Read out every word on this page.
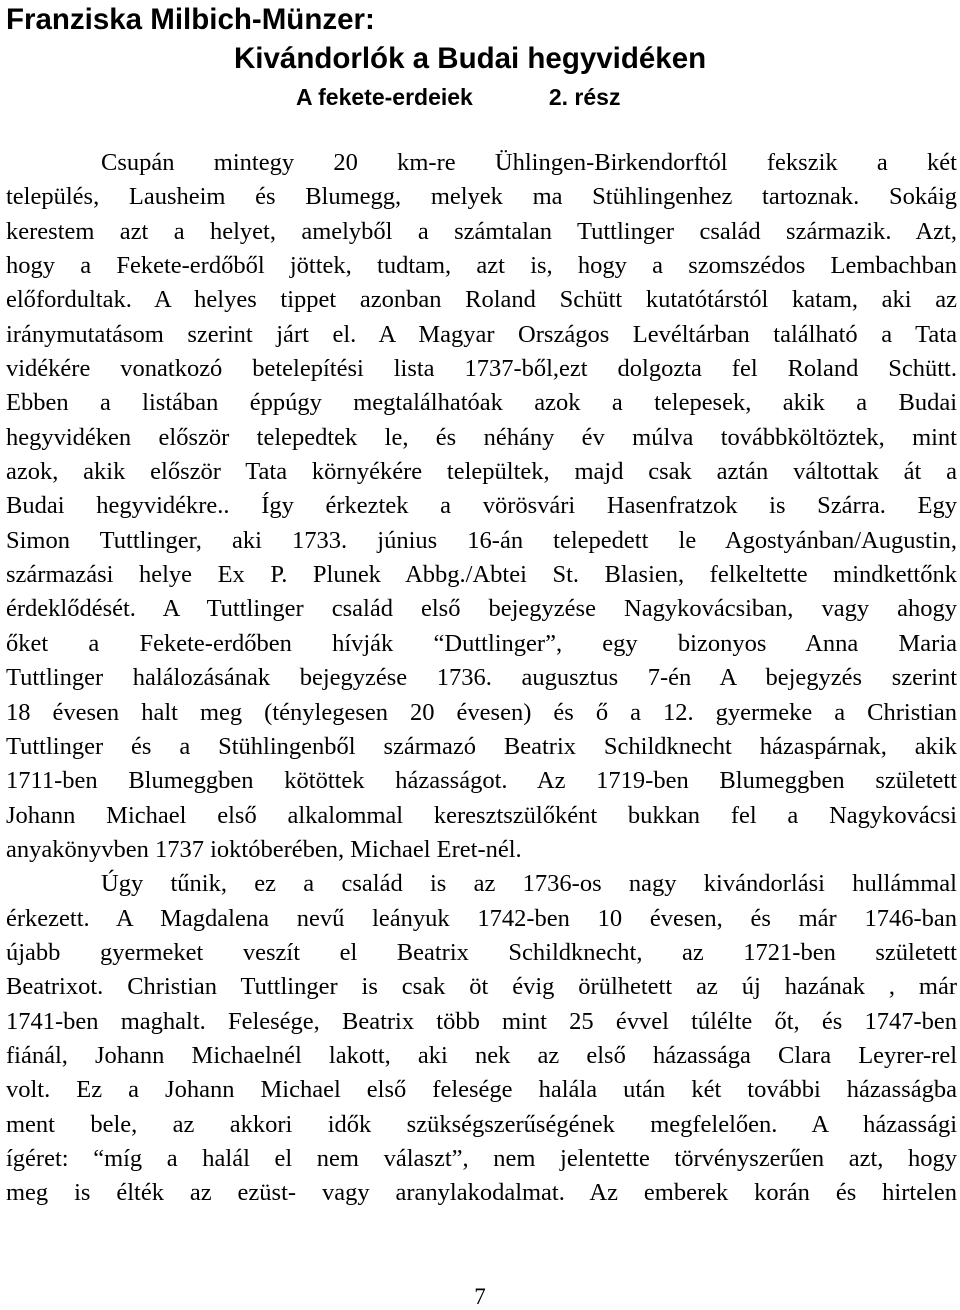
Franziska Milbich-Münzer:
Kivándorlók a Budai hegyvidéken
A fekete-erdeiek	2. rész
Csupán mintegy 20 km-re Ühlingen-Birkendorftól fekszik a két
település, Lausheim és Blumegg, melyek ma Stühlingenhez tartoznak. Sokáig
kerestem azt a helyet, amelyből a számtalan Tuttlinger család származik. Azt,
hogy a Fekete-erdőből jöttek, tudtam, azt is, hogy a szomszédos Lembachban
előfordultak. A helyes tippet azonban Roland Schütt kutatótárstól katam, aki az
iránymutatásom szerint járt el. A Magyar Országos Levéltárban található a Tata
vidékére vonatkozó betelepítési lista 1737-ből,ezt dolgozta fel Roland Schütt.
Ebben a listában éppúgy megtalálhatóak azok a telepesek, akik a Budai
hegyvidéken először telepedtek le, és néhány év múlva továbbköltöztek, mint
azok, akik először Tata környékére települtek, majd csak aztán váltottak át a
Budai hegyvidékre.. Így érkeztek a vörösvári Hasenfratzok is Szárra. Egy
Simon Tuttlinger, aki 1733. június 16-án telepedett le Agostyánban/Augustin,
származási helye Ex P. Plunek Abbg./Abtei St. Blasien, felkeltette mindkettőnk
érdeklődését. A Tuttlinger család első bejegyzése Nagykovácsiban, vagy ahogy
őket a Fekete-erdőben hívják “Duttlinger”, egy bizonyos Anna Maria
Tuttlinger halálozásának bejegyzése 1736. augusztus 7-én A bejegyzés szerint
18 évesen halt meg (ténylegesen 20 évesen) és ő a 12. gyermeke a Christian
Tuttlinger és a Stühlingenből származó Beatrix Schildknecht házaspárnak, akik
1711-ben Blumeggben kötöttek házasságot. Az 1719-ben Blumeggben született
Johann Michael első alkalommal keresztszülőként bukkan fel a Nagykovácsi
anyakönyvben 1737 ioktóberében, Michael Eret-nél.
Úgy tűnik, ez a család is az 1736-os nagy kivándorlási hullámmal
érkezett. A Magdalena nevű leányuk 1742-ben 10 évesen, és már 1746-ban
újabb gyermeket veszít el Beatrix Schildknecht, az 1721-ben született
Beatrixot. Christian Tuttlinger is csak öt évig örülhetett az új hazának , már
1741-ben maghalt. Felesége, Beatrix több mint 25 évvel túlélte őt, és 1747-ben
fiánál, Johann Michaelnél lakott, aki nek az első házassága Clara Leyrer-rel
volt. Ez a Johann Michael első felesége halála után két további házasságba
ment bele, az akkori idők szükségszerűségének megfelelően. A házassági
ígéret: “míg a halál el nem választ”, nem jelentette törvényszerűen azt, hogy
meg is élték az ezüst- vagy aranylakodalmat. Az emberek korán és hirtelen
7
